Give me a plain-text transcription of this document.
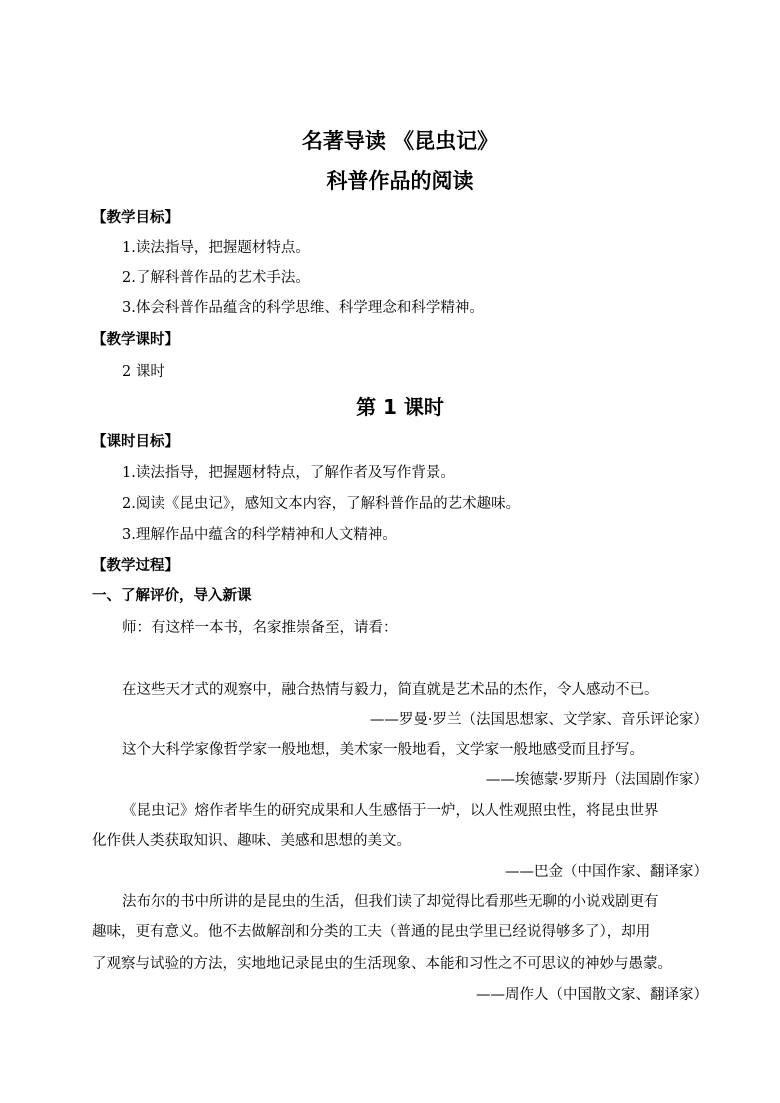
名著导读 《昆虫记》
科普作品的阅读
【教学目标】
1.读法指导，把握题材特点。
2.了解科普作品的艺术手法。
3.体会科普作品蕴含的科学思维、科学理念和科学精神。
【教学课时】
2 课时
第 1 课时
【课时目标】
1.读法指导，把握题材特点，了解作者及写作背景。
2.阅读《昆虫记》，感知文本内容，了解科普作品的艺术趣味。
3.理解作品中蕴含的科学精神和人文精神。
【教学过程】
一、了解评价，导入新课
师：有这样一本书，名家推崇备至，请看：
在这些天才式的观察中，融合热情与毅力，简直就是艺术品的杰作，令人感动不已。
——罗曼·罗兰（法国思想家、文学家、音乐评论家）
这个大科学家像哲学家一般地想，美术家一般地看，文学家一般地感受而且抒写。
——埃德蒙·罗斯丹（法国剧作家）
《昆虫记》熔作者毕生的研究成果和人生感悟于一炉，以人性观照虫性，将昆虫世界
化作供人类获取知识、趣味、美感和思想的美文。
——巴金（中国作家、翻译家）
法布尔的书中所讲的是昆虫的生活，但我们读了却觉得比看那些无聊的小说戏剧更有
趣味，更有意义。他不去做解剖和分类的工夫（普通的昆虫学里已经说得够多了），却用
了观察与试验的方法，实地地记录昆虫的生活现象、本能和习性之不可思议的神妙与愚蒙。
——周作人（中国散文家、翻译家）
